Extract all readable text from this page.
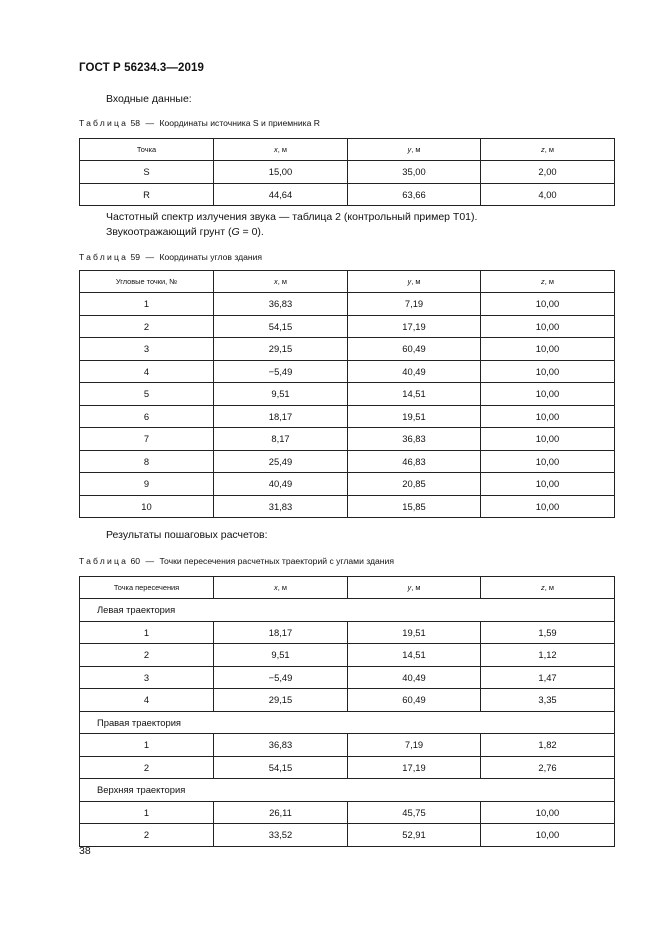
ГОСТ Р 56234.3—2019
Входные данные:
Таблица 58 — Координаты источника S и приемника R
Точка	x, м	y, м	z, м
S	15,00	35,00	2,00
R	44,64	63,66	4,00
Частотный спектр излучения звука — таблица 2 (контрольный пример Т01).
Звукоотражающий грунт (G = 0).
Таблица 59 — Координаты углов здания
Угловые точки, №	x, м	y, м	z, м
1	36,83	7,19	10,00
2	54,15	17,19	10,00
3	29,15	60,49	10,00
4	−5,49	40,49	10,00
5	9,51	14,51	10,00
6	18,17	19,51	10,00
7	8,17	36,83	10,00
8	25,49	46,83	10,00
9	40,49	20,85	10,00
10	31,83	15,85	10,00
Результаты пошаговых расчетов:
Таблица 60 — Точки пересечения расчетных траекторий с углами здания
Точка пересечения	x, м	y, м	z, м
Левая траектория			
1	18,17	19,51	1,59
2	9,51	14,51	1,12
3	−5,49	40,49	1,47
4	29,15	60,49	3,35
Правая траектория			
1	36,83	7,19	1,82
2	54,15	17,19	2,76
Верхняя траектория			
1	26,11	45,75	10,00
2	33,52	52,91	10,00
38
